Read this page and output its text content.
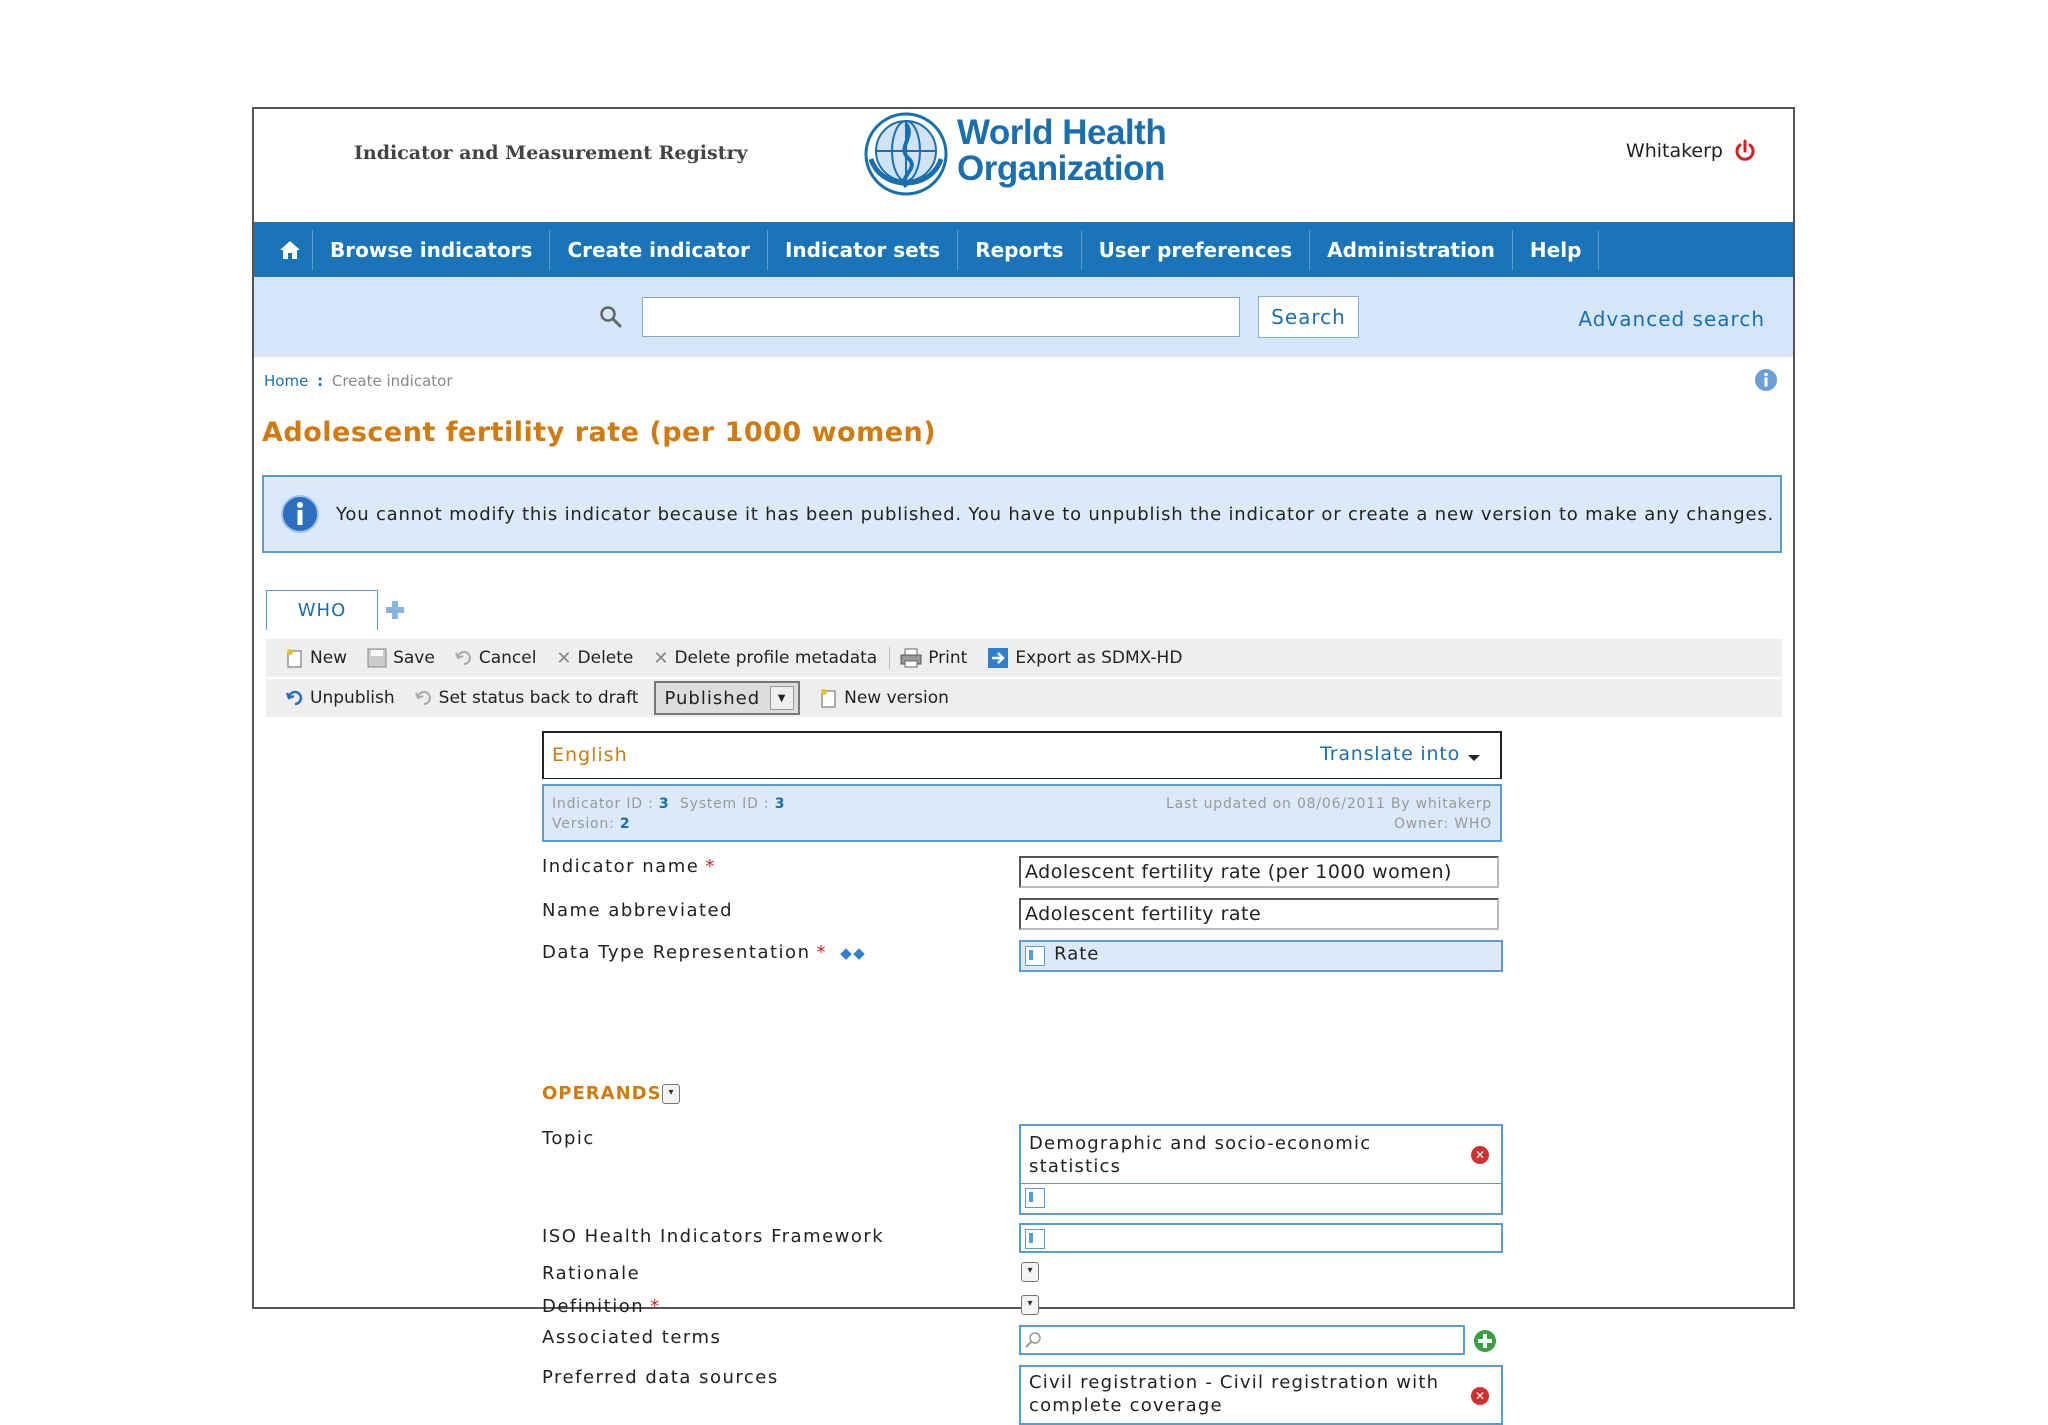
Indicator and Measurement Registry
World Health
Organization	Whitakerp
Browse indicators	Create indicator	Indicator sets	Reports	User preferences	Administration	Help
Search	Advanced search
Home : Create indicator
Adolescent fertility rate (per 1000 women)
You cannot modify this indicator because it has been published. You have to unpublish the indicator or create a new version to make any changes.
WHO
New	Save	Cancel ✕ Delete ✕ Delete profile metadata	Print	Export as SDMX-HD
Unpublish	Set status back to draft Published	▼	New version
English	Translate into
Indicator ID : 3 System ID : 3
Version: 2
Last updated on 08/06/2011 By whitakerp
Owner: WHO
Indicator name *	Adolescent fertility rate (per 1000 women)
Name abbreviated	Adolescent fertility rate
Data Type Representation * ◆◆	Rate
OPERANDS ▾
Topic	Demographic and socio-economic statistics
✕
ISO Health Indicators Framework
Rationale	▾
Definition *	▾
Associated terms
Preferred data sources	Civil registration - Civil registration with complete coverage	✕
